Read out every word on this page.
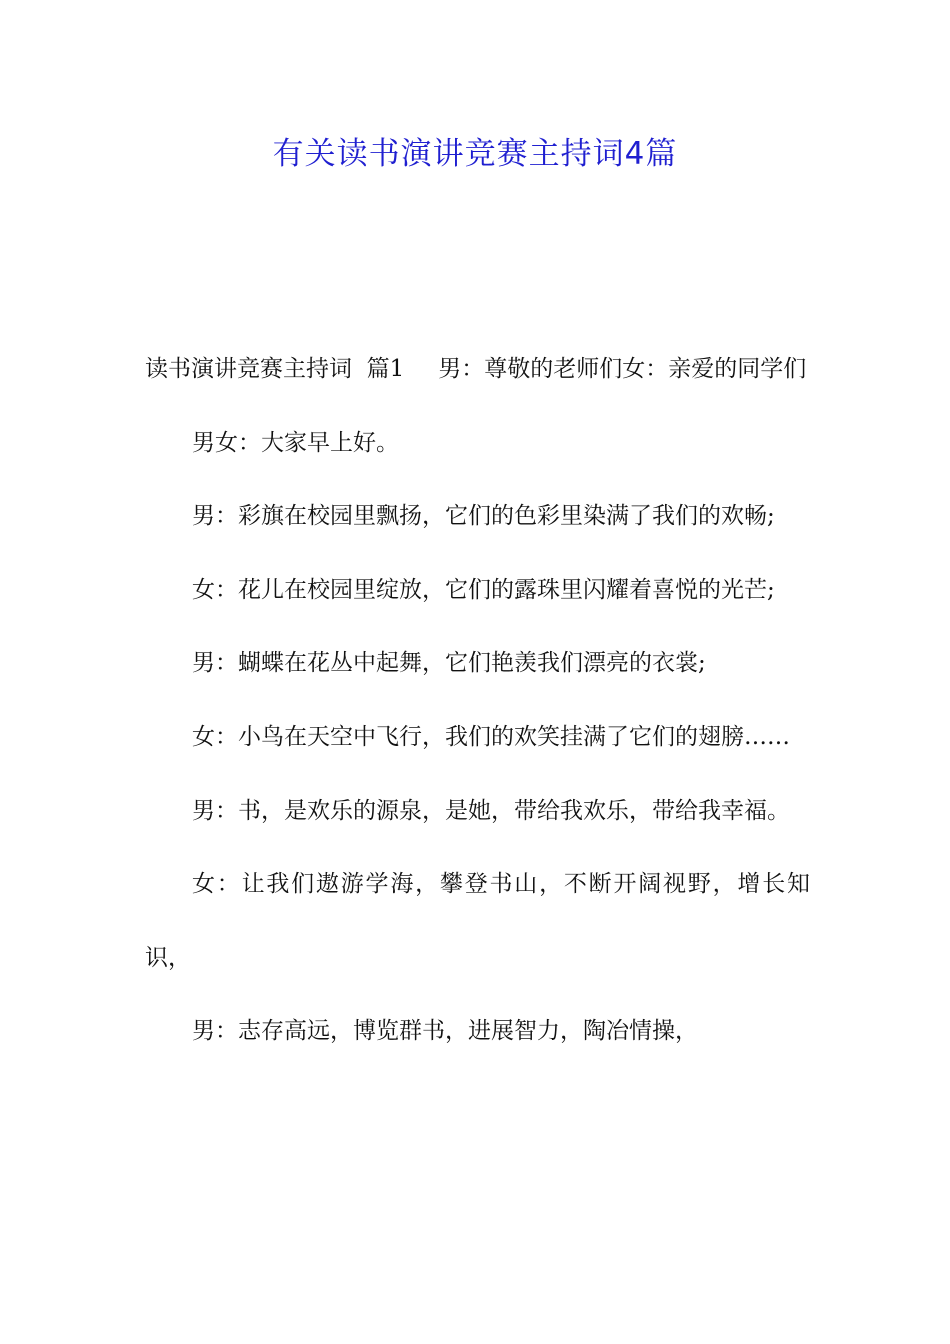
有关读书演讲竞赛主持词4篇

读书演讲竞赛主持词  篇1 男：尊敬的老师们女：亲爱的同学们

男女：大家早上好。

男：彩旗在校园里飘扬，它们的色彩里染满了我们的欢畅;

女：花儿在校园里绽放，它们的露珠里闪耀着喜悦的光芒;

男：蝴蝶在花丛中起舞，它们艳羡我们漂亮的衣裳;

女：小鸟在天空中飞行，我们的欢笑挂满了它们的翅膀……

男：书，是欢乐的源泉，是她，带给我欢乐，带给我幸福。

女：让我们遨游学海，攀登书山，不断开阔视野，增长知识，

男：志存高远，博览群书，进展智力，陶冶情操，
